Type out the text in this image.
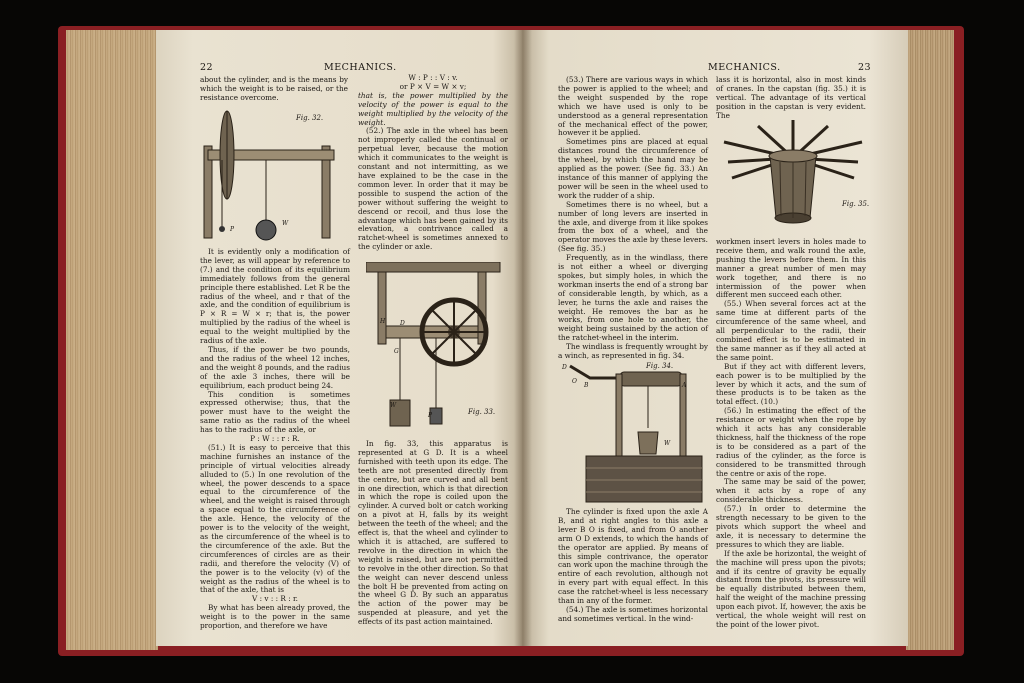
22	MECHANICS.

about the cylinder, and is the means by which the weight is to be raised, or the resistance overcome.

Fig. 32.
P
W

It is evidently only a modification of the lever, as will appear by reference to (7.) and the condition of its equilibrium immediately follows from the general principle there established. Let R be the radius of the wheel, and r that of the axle, and the condition of equilibrium is P × R = W × r; that is, the power multiplied by the radius of the wheel is equal to the weight multiplied by the radius of the axle.

Thus, if the power be two pounds, and the radius of the wheel 12 inches, and the weight 8 pounds, and the radius of the axle 3 inches, there will be equilibrium, each product being 24.

This condition is sometimes expressed otherwise; thus, that the power must have to the weight the same ratio as the radius of the wheel has to the radius of the axle, or

P : W : : r : R.

(51.) It is easy to perceive that this machine furnishes an instance of the principle of virtual velocities already alluded to (5.) In one revolution of the wheel, the power descends to a space equal to the circumference of the wheel, and the weight is raised through a space equal to the circumference of the axle. Hence, the velocity of the power is to the velocity of the weight, as the circumference of the wheel is to the circumference of the axle. But the circumferences of circles are as their radii, and therefore the velocity (V) of the power is to the velocity (v) of the weight as the radius of the wheel is to that of the axle, that is

V : v : : R : r.

By what has been already proved, the weight is to the power in the same proportion, and therefore we have

W : P : : V : v.

or P × V = W × v;

that is, the power multiplied by the velocity of the power is equal to the weight multiplied by the velocity of the weight.

(52.) The axle in the wheel has been not improperly called the continual or perpetual lever, because the motion which it communicates to the weight is constant and not intermitting, as we have explained to be the case in the common lever. In order that it may be possible to suspend the action of the power without suffering the weight to descend or recoil, and thus lose the advantage which has been gained by its elevation, a contrivance called a ratchet-wheel is sometimes annexed to the cylinder or axle.

Fig. 33.
D
H
G
W
P

In fig. 33, this apparatus is represented at G D. It is a wheel furnished with teeth upon its edge. The teeth are not presented directly from the centre, but are curved and all bent in one direction, which is that direction in which the rope is coiled upon the cylinder. A curved bolt or catch working on a pivot at H, falls by its weight between the teeth of the wheel; and the effect is, that the wheel and cylinder to which it is attached, are suffered to revolve in the direction in which the weight is raised, but are not permitted to revolve in the other direction. So that the weight can never descend unless the bolt H be prevented from acting on the wheel G D. By such an apparatus the action of the power may be suspended at pleasure, and yet the effects of its past action maintained.

MECHANICS.	23

(53.) There are various ways in which the power is applied to the wheel; and the weight suspended by the rope which we have used is only to be understood as a general representation of the mechanical effect of the power, however it be applied.

Sometimes pins are placed at equal distances round the circumference of the wheel, by which the hand may be applied as the power. (See fig. 33.) An instance of this manner of applying the power will be seen in the wheel used to work the rudder of a ship.

Sometimes there is no wheel, but a number of long levers are inserted in the axle, and diverge from it like spokes from the box of a wheel, and the operator moves the axle by these levers. (See fig. 35.)

Frequently, as in the windlass, there is not either a wheel or diverging spokes, but simply holes, in which the workman inserts the end of a strong bar of considerable length, by which, as a lever, he turns the axle and raises the weight. He removes the bar as he works, from one hole to another, the weight being sustained by the action of the ratchet-wheel in the interim.

The windlass is frequently wrought by a winch, as represented in fig. 34.

Fig. 34.
D
O
B	A
W

The cylinder is fixed upon the axle A B, and at right angles to this axle a lever B O is fixed, and from O another arm O D extends, to which the hands of the operator are applied. By means of this simple contrivance, the operator can work upon the machine through the entire of each revolution, although not in every part with equal effect. In this case the ratchet-wheel is less necessary than in any of the former.

(54.) The axle is sometimes horizontal and sometimes vertical. In the wind-

lass it is horizontal, also in most kinds of cranes. In the capstan (fig. 35.) it is vertical. The advantage of its vertical position in the capstan is very evident. The

Fig. 35.

workmen insert levers in holes made to receive them, and walk round the axle, pushing the levers before them. In this manner a great number of men may work together, and there is no intermission of the power when different men succeed each other.

(55.) When several forces act at the same time at different parts of the circumference of the same wheel, and all perpendicular to the radii, their combined effect is to be estimated in the same manner as if they all acted at the same point.

But if they act with different levers, each power is to be multiplied by the lever by which it acts, and the sum of these products is to be taken as the total effect. (10.)

(56.) In estimating the effect of the resistance or weight when the rope by which it acts has any considerable thickness, half the thickness of the rope is to be considered as a part of the radius of the cylinder, as the force is considered to be transmitted through the centre or axis of the rope.

The same may be said of the power, when it acts by a rope of any considerable thickness.

(57.) In order to determine the strength necessary to be given to the pivots which support the wheel and axle, it is necessary to determine the pressures to which they are liable.

If the axle be horizontal, the weight of the machine will press upon the pivots; and if its centre of gravity be equally distant from the pivots, its pressure will be equally distributed between them, half the weight of the machine pressing upon each pivot. If, however, the axis be vertical, the whole weight will rest on the point of the lower pivot.
